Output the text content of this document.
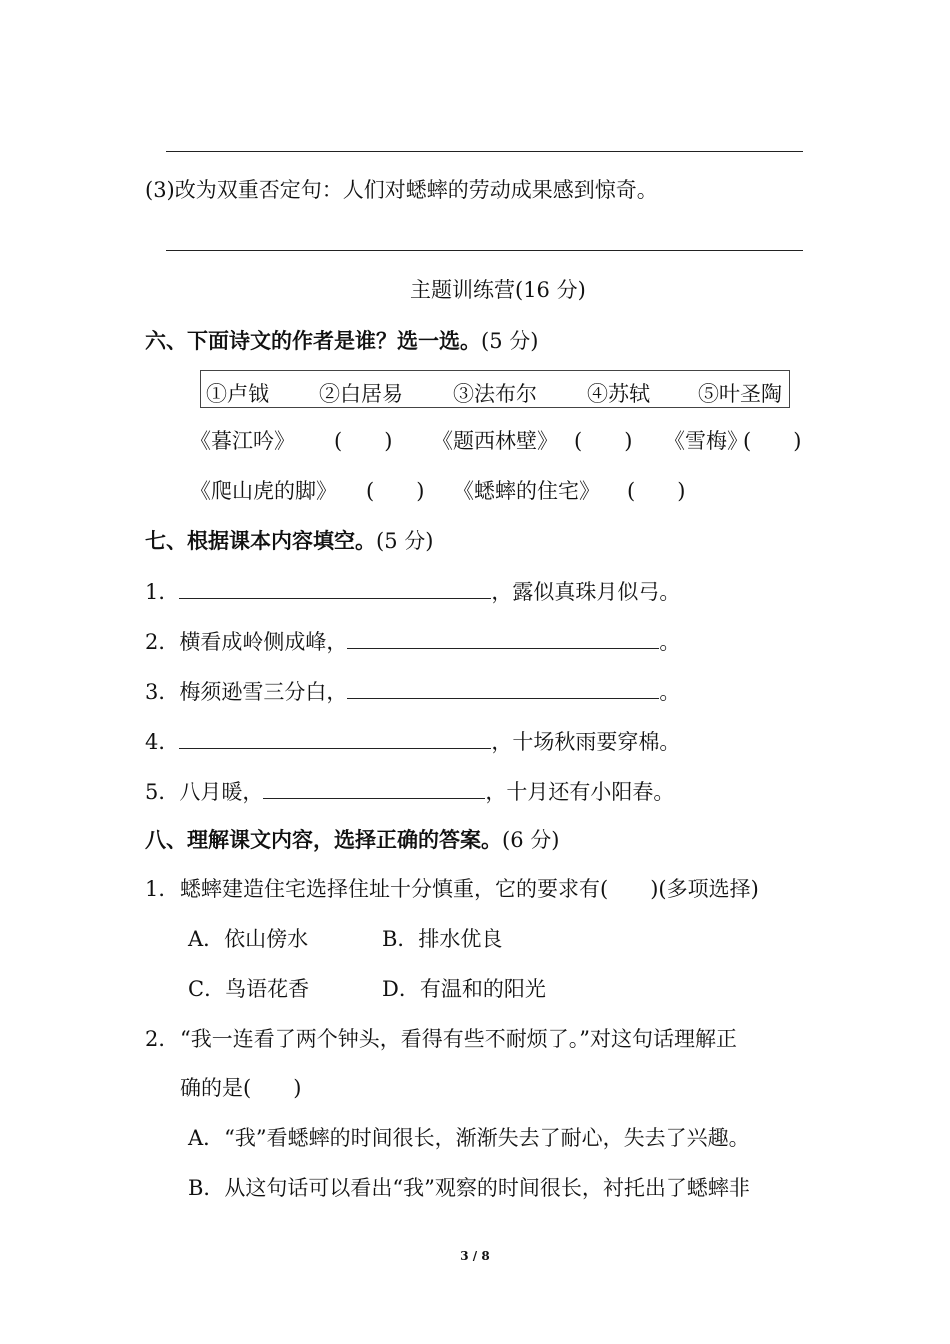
(3)改为双重否定句：人们对蟋蟀的劳动成果感到惊奇。
主题训练营(16 分)
六、下面诗文的作者是谁？选一选。(5 分)
①卢钺 ②白居易 ③法布尔 ④苏轼 ⑤叶圣陶
《暮江吟》 (　　) 《题西林壁》 (　　) 《雪梅》
(　　)
《爬山虎的脚》 (　　) 《蟋蟀的住宅》 (　　)
七、根据课本内容填空。(5 分)
1．	，露似真珠月似弓。
2．横看成岭侧成峰，	。
3．梅须逊雪三分白，	。
4．	，十场秋雨要穿棉。
5．八月暖，	，十月还有小阳春。
八、理解课文内容，选择正确的答案。(6 分)
1． 蟋蟀建造住宅选择住址十分慎重，它的要求有(　　)(多项选择)
A．依山傍水	B．排水优良
C．鸟语花香	D．有温和的阳光
2． “我一连看了两个钟头，看得有些不耐烦了。”对这句话理解正
确的是(　　)
A．“我”看蟋蟀的时间很长，渐渐失去了耐心，失去了兴趣。
B．从这句话可以看出“我”观察的时间很长，衬托出了蟋蟀非
3 / 8
